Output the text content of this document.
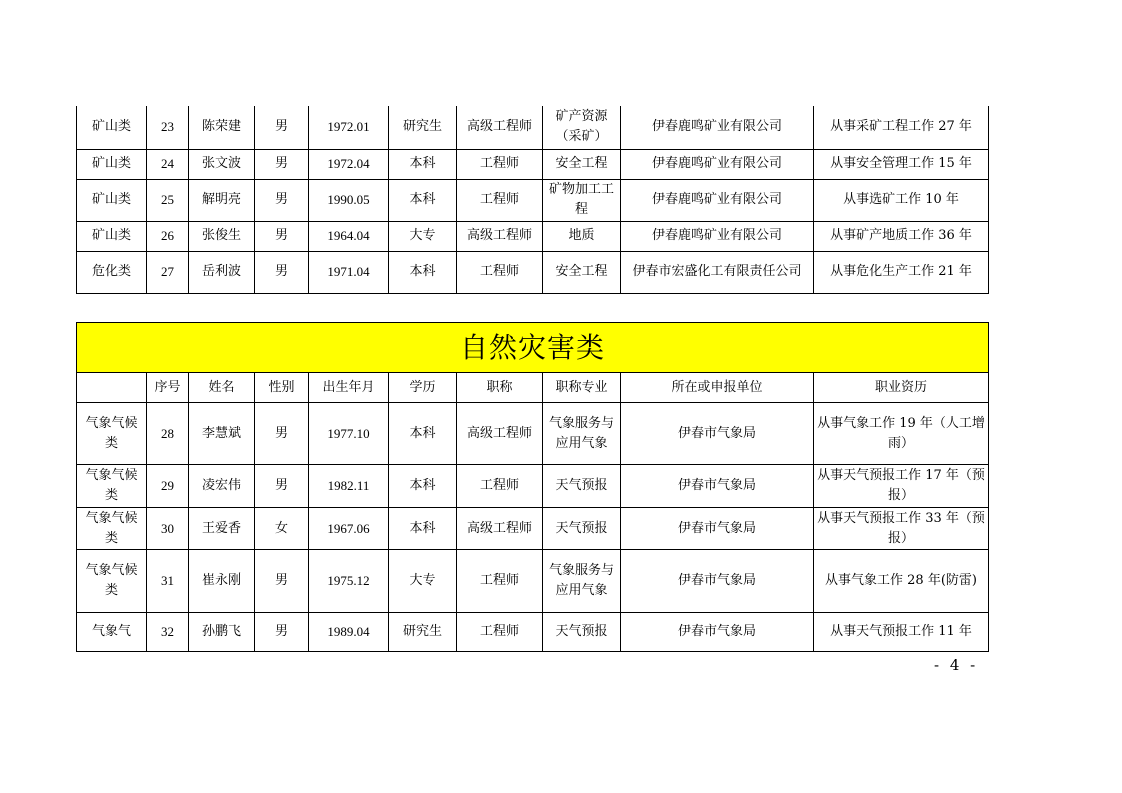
矿山类	23	陈荣建	男	1972.01	研究生	高级工程师	矿产资源（采矿）	伊春鹿鸣矿业有限公司	从事采矿工程工作 27 年
矿山类	24	张文波	男	1972.04	本科	工程师	安全工程	伊春鹿鸣矿业有限公司	从事安全管理工作 15 年
矿山类	25	解明亮	男	1990.05	本科	工程师	矿物加工工程	伊春鹿鸣矿业有限公司	从事选矿工作 10 年
矿山类	26	张俊生	男	1964.04	大专	高级工程师	地质	伊春鹿鸣矿业有限公司	从事矿产地质工作 36 年
危化类	27	岳利波	男	1971.04	本科	工程师	安全工程	伊春市宏盛化工有限责任公司	从事危化生产工作 21 年
自然灾害类									
	序号	姓名	性别	出生年月	学历	职称	职称专业	所在或申报单位	职业资历
气象气候类	28	李慧斌	男	1977.10	本科	高级工程师	气象服务与应用气象	伊春市气象局	从事气象工作 19 年（人工增雨）
气象气候类	29	凌宏伟	男	1982.11	本科	工程师	天气预报	伊春市气象局	从事天气预报工作 17 年（预报）
气象气候类	30	王爱香	女	1967.06	本科	高级工程师	天气预报	伊春市气象局	从事天气预报工作 33 年（预报）
气象气候类	31	崔永刚	男	1975.12	大专	工程师	气象服务与应用气象	伊春市气象局	从事气象工作 28 年(防雷)
气象气	32	孙鹏飞	男	1989.04	研究生	工程师	天气预报	伊春市气象局	从事天气预报工作 11 年
- 4 -
